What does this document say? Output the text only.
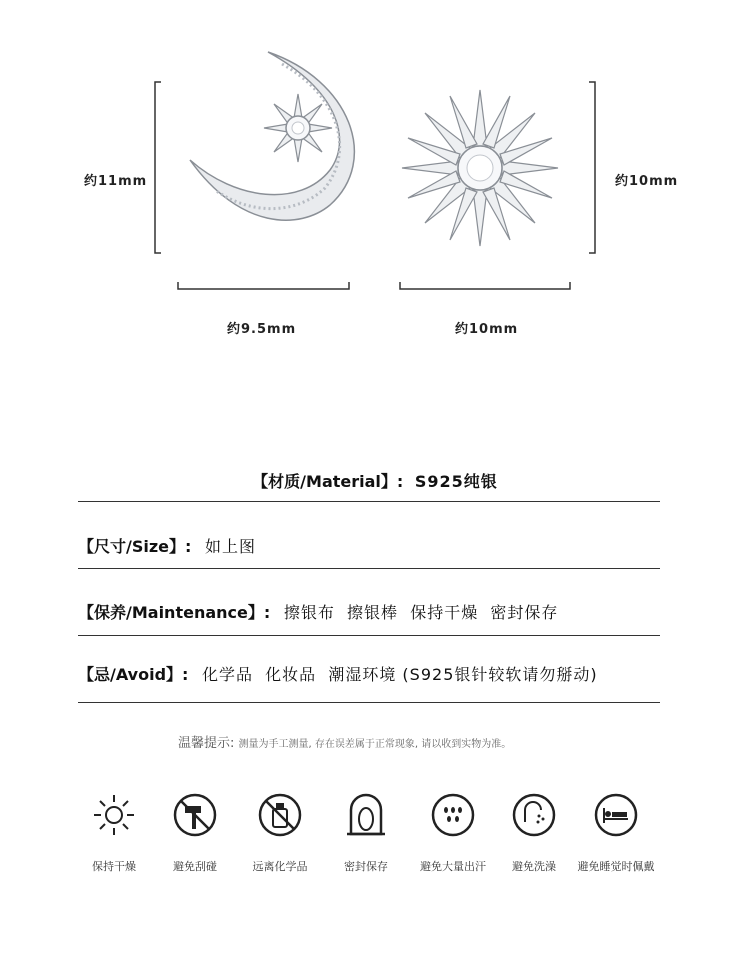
约11mm	约10mm
约9.5mm	约10mm
【材质/Material】: S925纯银
【尺寸/Size】: 如上图
【保养/Maintenance】: 擦银布  擦银棒  保持干燥  密封保存
【忌/Avoid】: 化学品  化妆品  潮湿环境 (S925银针较软请勿掰动)
温馨提示: 测量为手工测量, 存在误差属于正常现象, 请以收到实物为准。
保持干燥	避免刮碰	远离化学品	密封保存	避免大量出汗	避免洗澡	避免睡觉时佩戴
